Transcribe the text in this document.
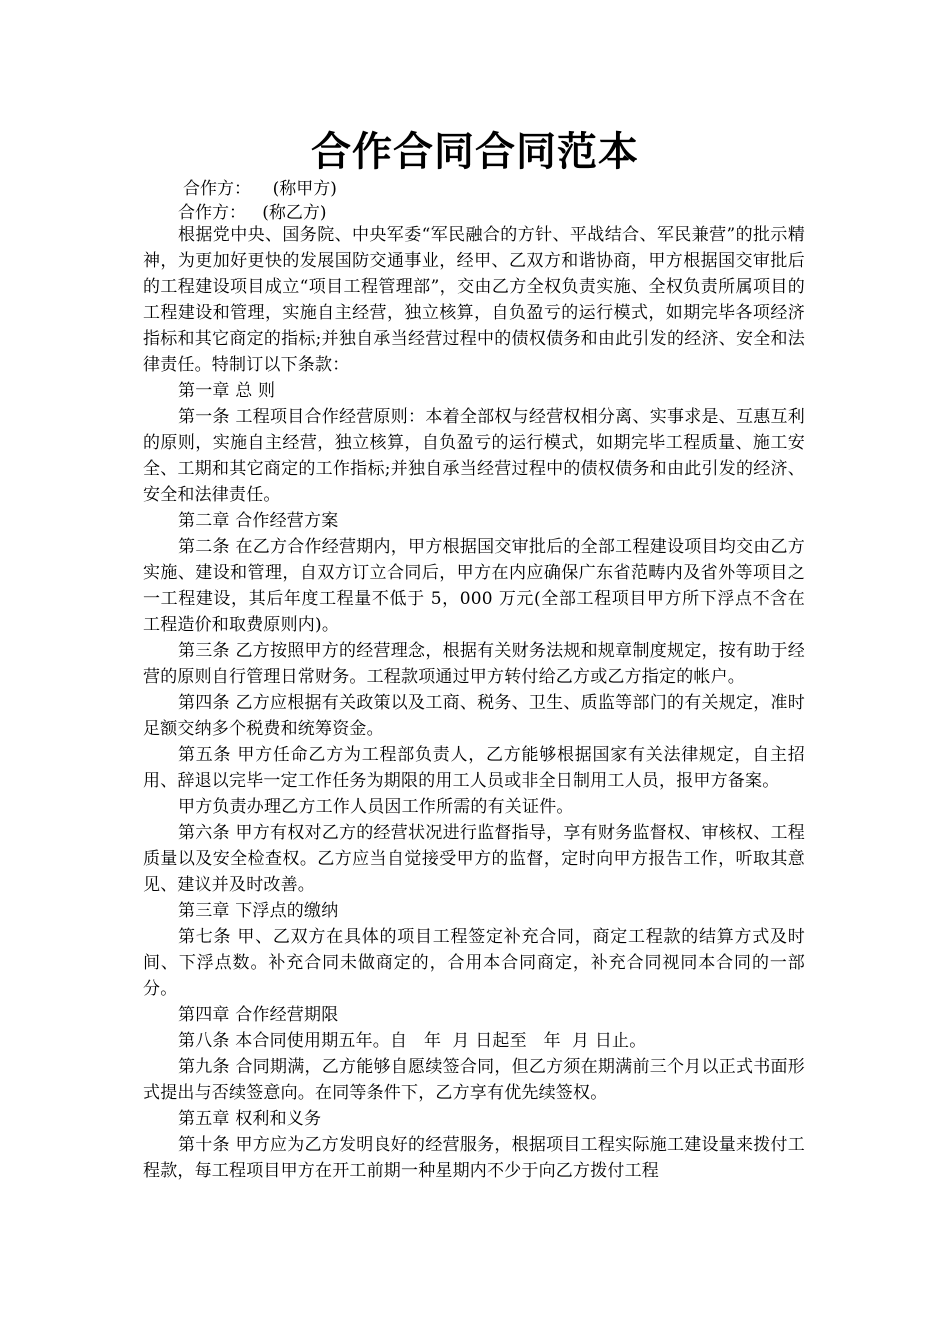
合作合同合同范本
合作方：    (称甲方)
合作方：   (称乙方)

根据党中央、国务院、中央军委“军民融合的方针、平战结合、军民兼营”的批示精神，为更加好更快的发展国防交通事业，经甲、乙双方和谐协商，甲方根据国交审批后的工程建设项目成立“项目工程管理部”，交由乙方全权负责实施、全权负责所属项目的工程建设和管理，实施自主经营，独立核算，自负盈亏的运行模式，如期完毕各项经济指标和其它商定的指标;并独自承当经营过程中的债权债务和由此引发的经济、安全和法律责任。特制订以下条款：

第一章 总 则

第一条 工程项目合作经营原则：本着全部权与经营权相分离、实事求是、互惠互利的原则，实施自主经营，独立核算，自负盈亏的运行模式，如期完毕工程质量、施工安全、工期和其它商定的工作指标;并独自承当经营过程中的债权债务和由此引发的经济、安全和法律责任。

第二章 合作经营方案

第二条 在乙方合作经营期内，甲方根据国交审批后的全部工程建设项目均交由乙方实施、建设和管理，自双方订立合同后，甲方在内应确保广东省范畴内及省外等项目之一工程建设，其后年度工程量不低于 5，000 万元(全部工程项目甲方所下浮点不含在工程造价和取费原则内)。

第三条 乙方按照甲方的经营理念，根据有关财务法规和规章制度规定，按有助于经营的原则自行管理日常财务。工程款项通过甲方转付给乙方或乙方指定的帐户。

第四条 乙方应根据有关政策以及工商、税务、卫生、质监等部门的有关规定，准时足额交纳多个税费和统筹资金。

第五条 甲方任命乙方为工程部负责人，乙方能够根据国家有关法律规定，自主招用、辞退以完毕一定工作任务为期限的用工人员或非全日制用工人员，报甲方备案。

甲方负责办理乙方工作人员因工作所需的有关证件。

第六条 甲方有权对乙方的经营状况进行监督指导，享有财务监督权、审核权、工程质量以及安全检查权。乙方应当自觉接受甲方的监督，定时向甲方报告工作，听取其意见、建议并及时改善。

第三章 下浮点的缴纳

第七条 甲、乙双方在具体的项目工程签定补充合同，商定工程款的结算方式及时间、下浮点数。补充合同未做商定的，合用本合同商定，补充合同视同本合同的一部分。

第四章 合作经营期限

第八条 本合同使用期五年。自   年  月 日起至   年  月 日止。

第九条 合同期满，乙方能够自愿续签合同，但乙方须在期满前三个月以正式书面形式提出与否续签意向。在同等条件下，乙方享有优先续签权。

第五章 权利和义务

第十条 甲方应为乙方发明良好的经营服务，根据项目工程实际施工建设量来拨付工程款，每工程项目甲方在开工前期一种星期内不少于向乙方拨付工程
